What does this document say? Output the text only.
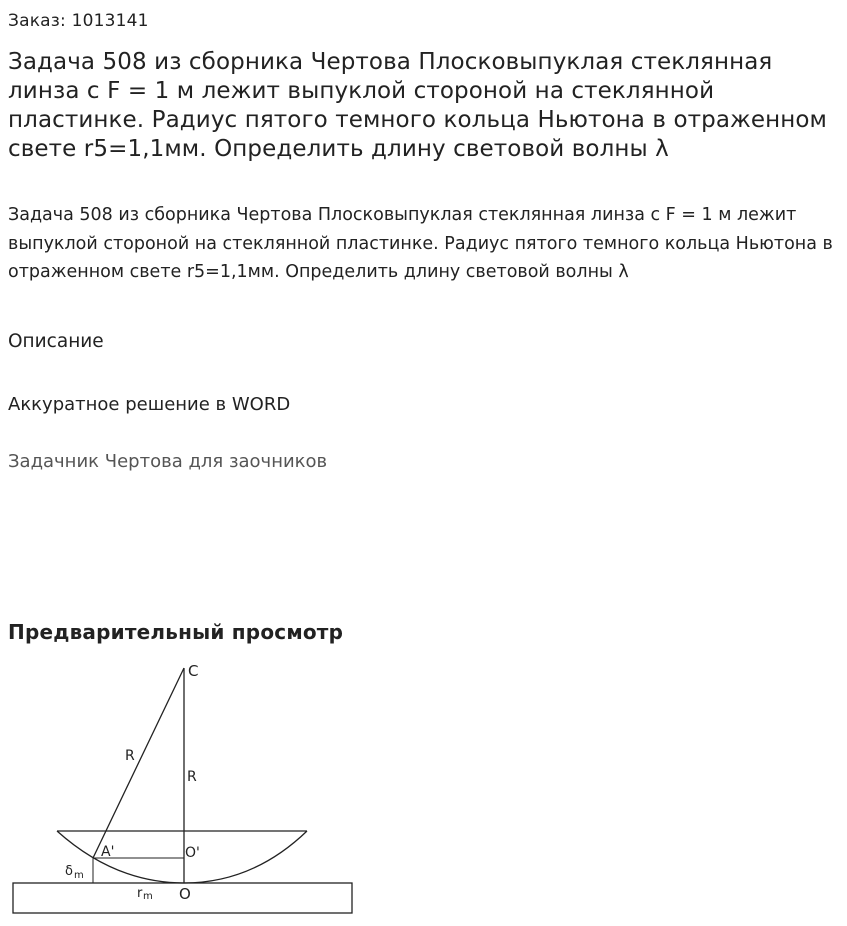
Заказ: 1013141
Задача 508 из сборника Чертова Плосковыпуклая стеклянная линза с F = 1 м лежит выпуклой стороной на стеклянной пластинке. Радиус пятого темного кольца Ньютона в отраженном свете r5=1,1мм. Определить длину световой волны λ

Задача 508 из сборника Чертова Плосковыпуклая стеклянная линза с F = 1 м лежит выпуклой стороной на стеклянной пластинке. Радиус пятого темного кольца Ньютона в отраженном свете r5=1,1мм. Определить длину световой волны λ

Описание
Аккуратное решение в WORD
Задачник Чертова для заочников
Предварительный просмотр
C
R
R
A'	O'
O
δ m
r m
